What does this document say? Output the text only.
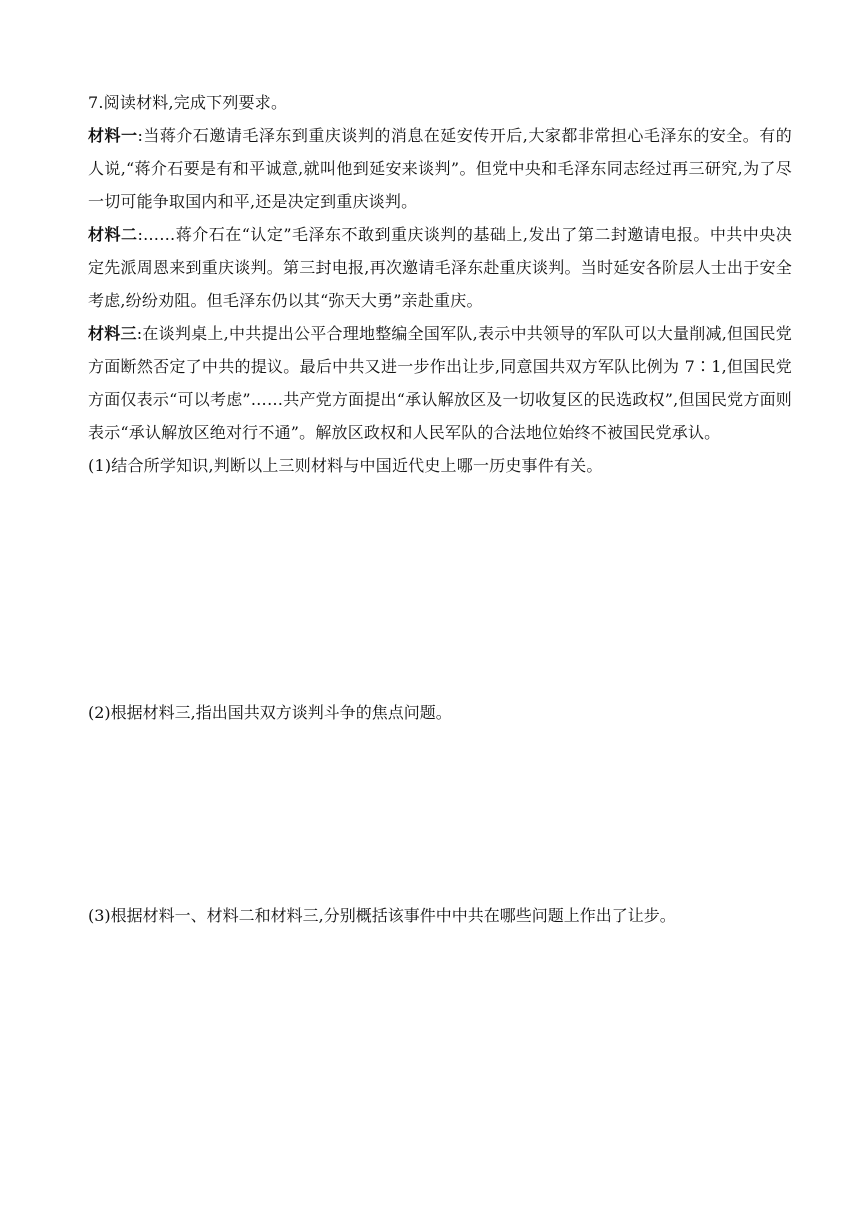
7.阅读材料,完成下列要求。

材料一:当蒋介石邀请毛泽东到重庆谈判的消息在延安传开后,大家都非常担心毛泽东的安全。有的人说,“蒋介石要是有和平诚意,就叫他到延安来谈判”。但党中央和毛泽东同志经过再三研究,为了尽一切可能争取国内和平,还是决定到重庆谈判。

材料二:……蒋介石在“认定”毛泽东不敢到重庆谈判的基础上,发出了第二封邀请电报。中共中央决定先派周恩来到重庆谈判。第三封电报,再次邀请毛泽东赴重庆谈判。当时延安各阶层人士出于安全考虑,纷纷劝阻。但毛泽东仍以其“弥天大勇”亲赴重庆。

材料三:在谈判桌上,中共提出公平合理地整编全国军队,表示中共领导的军队可以大量削减,但国民党方面断然否定了中共的提议。最后中共又进一步作出让步,同意国共双方军队比例为 7∶1,但国民党方面仅表示“可以考虑”……共产党方面提出“承认解放区及一切收复区的民选政权”,但国民党方面则表示“承认解放区绝对行不通”。解放区政权和人民军队的合法地位始终不被国民党承认。

(1)结合所学知识,判断以上三则材料与中国近代史上哪一历史事件有关。

(2)根据材料三,指出国共双方谈判斗争的焦点问题。
(3)根据材料一、材料二和材料三,分别概括该事件中中共在哪些问题上作出了让步。
